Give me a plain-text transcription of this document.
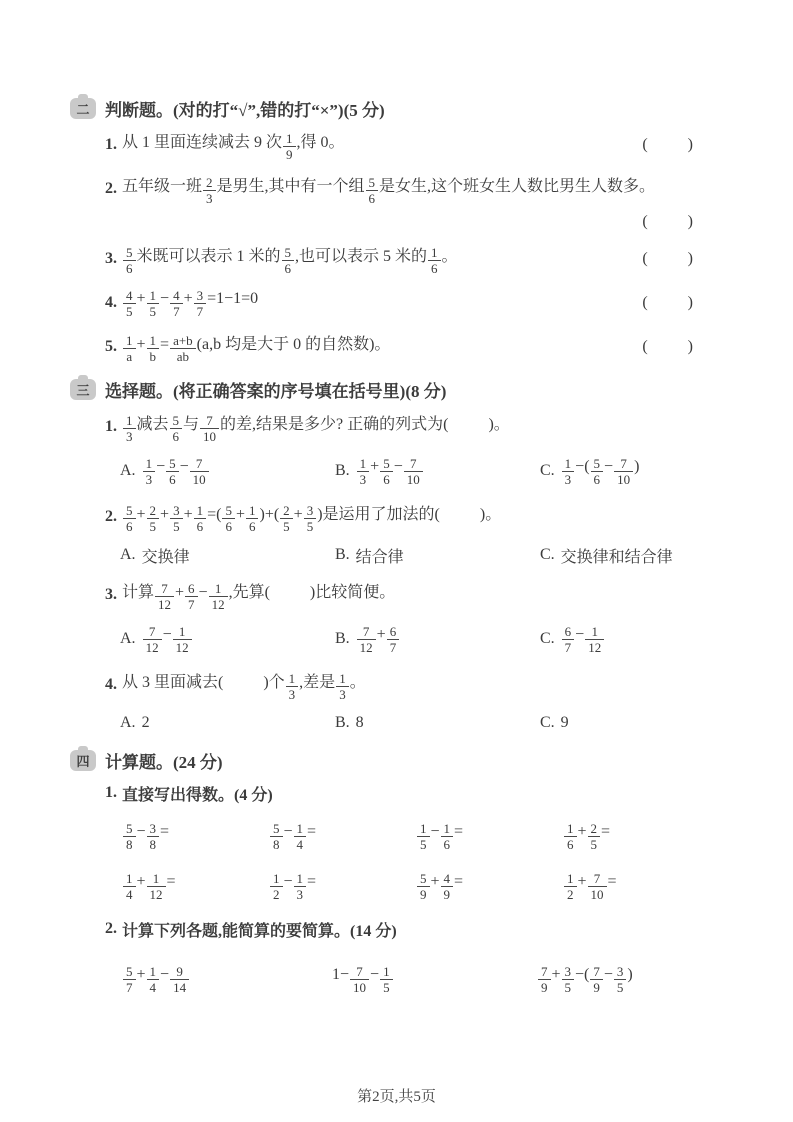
二 判断题。(对的打“√”,错的打“×”)(5 分)
1. 从 1 里面连续减去 9 次 $\frac{1}{9}$ ,得 0。	(          )
2. 五年级一班 $\frac{2}{3}$ 是男生,其中有一个组 $\frac{5}{6}$ 是女生,这个班女生人数比男生人数多。
(          )
3. $\frac{5}{6}$ 米既可以表示 1 米的 $\frac{5}{6}$ ,也可以表示 5 米的 $\frac{1}{6}$ 。	(          )
4. $\frac{4}{5} + \frac{1}{5} - \frac{4}{7} + \frac{3}{7} =1-1=0$	(          )
5. $\frac{1}{a} + \frac{1}{b} = \frac{a+b}{ab} (a,b$ 均是大于 0 的自然数)。	(          )
三 选择题。(将正确答案的序号填在括号里)(8 分)
1. $\frac{1}{3}$ 减去 $\frac{5}{6}$ 与 $\frac{7}{10}$ 的差,结果是多少? 正确的列式为(          )。
A. $\frac{1}{3} - \frac{5}{6} - \frac{7}{10}$	B. $\frac{1}{3} + \frac{5}{6} - \frac{7}{10}$	C. $\frac{1}{3}$ −( $\frac{5}{6} - \frac{7}{10}$ )
2. $\frac{5}{6} + \frac{2}{5} + \frac{3}{5} + \frac{1}{6}$ =( $\frac{5}{6} + \frac{1}{6}$ )+( $\frac{2}{5} + \frac{3}{5}$ )是运用了加法的(          )。
A. 交换律	B. 结合律	C. 交换律和结合律
3. 计算 $\frac{7}{12} + \frac{6}{7} - \frac{1}{12}$ ,先算(          )比较简便。
A. $\frac{7}{12} - \frac{1}{12}$	B. $\frac{7}{12} + \frac{6}{7}$	C. $\frac{6}{7} - \frac{1}{12}$
4. 从 3 里面减去(          )个 $\frac{1}{3}$ ,差是 $\frac{1}{3}$ 。
A. 2	B. 8	C. 9
四 计算题。(24 分)
1. 直接写出得数。(4 分)
$\frac{5}{8} - \frac{3}{8}$ =	$\frac{5}{8} - \frac{1}{4}$ =	$\frac{1}{5} - \frac{1}{6}$ =	$\frac{1}{6} + \frac{2}{5}$ =
$\frac{1}{4} + \frac{1}{12}$ =	$\frac{1}{2} - \frac{1}{3}$ =	$\frac{5}{9} + \frac{4}{9}$ =	$\frac{1}{2} + \frac{7}{10}$ =
2. 计算下列各题,能简算的要简算。(14 分)
$\frac{5}{7} + \frac{1}{4} - \frac{9}{14}$	$1- \frac{7}{10} - \frac{1}{5}$	$\frac{7}{9} + \frac{3}{5}$ −( $\frac{7}{9} - \frac{3}{5}$ )
第2页,共5页
